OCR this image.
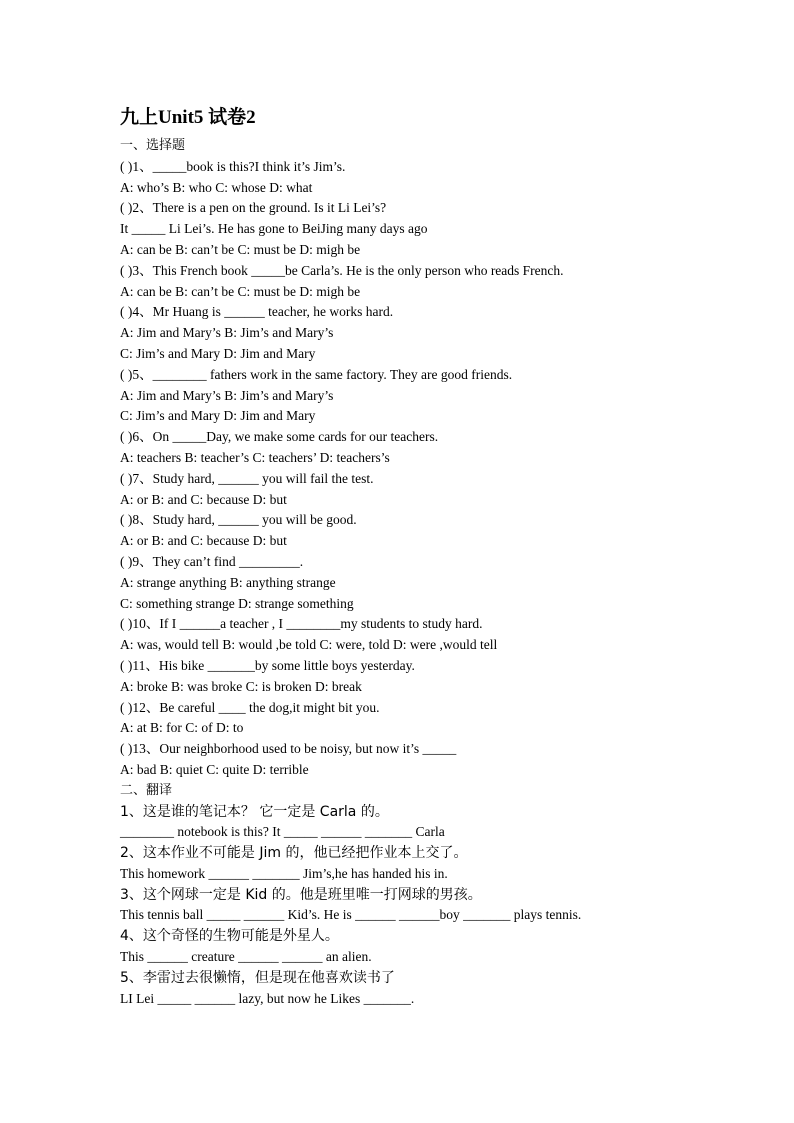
九上Unit5 试卷2
一、选择题
( )1、_____book is this?I think it’s Jim’s.
A: who’s B: who C: whose D: what
( )2、There is a pen on the ground. Is it Li Lei’s?
It _____ Li Lei’s. He has gone to BeiJing many days ago
A: can be B: can’t be C: must be D: migh be
( )3、This French book _____be Carla’s. He is the only person who reads French.
A: can be B: can’t be C: must be D: migh be
( )4、Mr Huang is ______ teacher, he works hard.
A: Jim and Mary’s B: Jim’s and Mary’s
C: Jim’s and Mary D: Jim and Mary
( )5、________ fathers work in the same factory. They are good friends.
A: Jim and Mary’s B: Jim’s and Mary’s
C: Jim’s and Mary D: Jim and Mary
( )6、On _____Day, we make some cards for our teachers.
A: teachers B: teacher’s C: teachers’ D: teachers’s
( )7、Study hard, ______ you will fail the test.
A: or B: and C: because D: but
( )8、Study hard, ______ you will be good.
A: or B: and C: because D: but
( )9、They can’t find _________.
A: strange anything B: anything strange
C: something strange D: strange something
( )10、If I ______a teacher , I ________my students to study hard.
A: was, would tell B: would ,be told C: were, told D: were ,would tell
( )11、His bike _______by some little boys yesterday.
A: broke B: was broke C: is broken D: break
( )12、Be careful ____ the dog,it might bit you.
A: at B: for C: of D: to
( )13、Our neighborhood used to be noisy, but now it’s _____
A: bad B: quiet C: quite D: terrible
二、翻译
1、这是谁的笔记本？ 它一定是 Carla 的。
________ notebook is this? It _____ ______ _______ Carla
2、这本作业不可能是 Jim 的，他已经把作业本上交了。
This homework ______ _______ Jim’s,he has handed his in.
3、这个网球一定是 Kid 的。他是班里唯一打网球的男孩。
This tennis ball _____ ______ Kid’s. He is ______ ______boy _______ plays tennis.
4、这个奇怪的生物可能是外星人。
This ______ creature ______ ______ an alien.
5、李雷过去很懒惰，但是现在他喜欢读书了
LI Lei _____ ______ lazy, but now he Likes _______.
